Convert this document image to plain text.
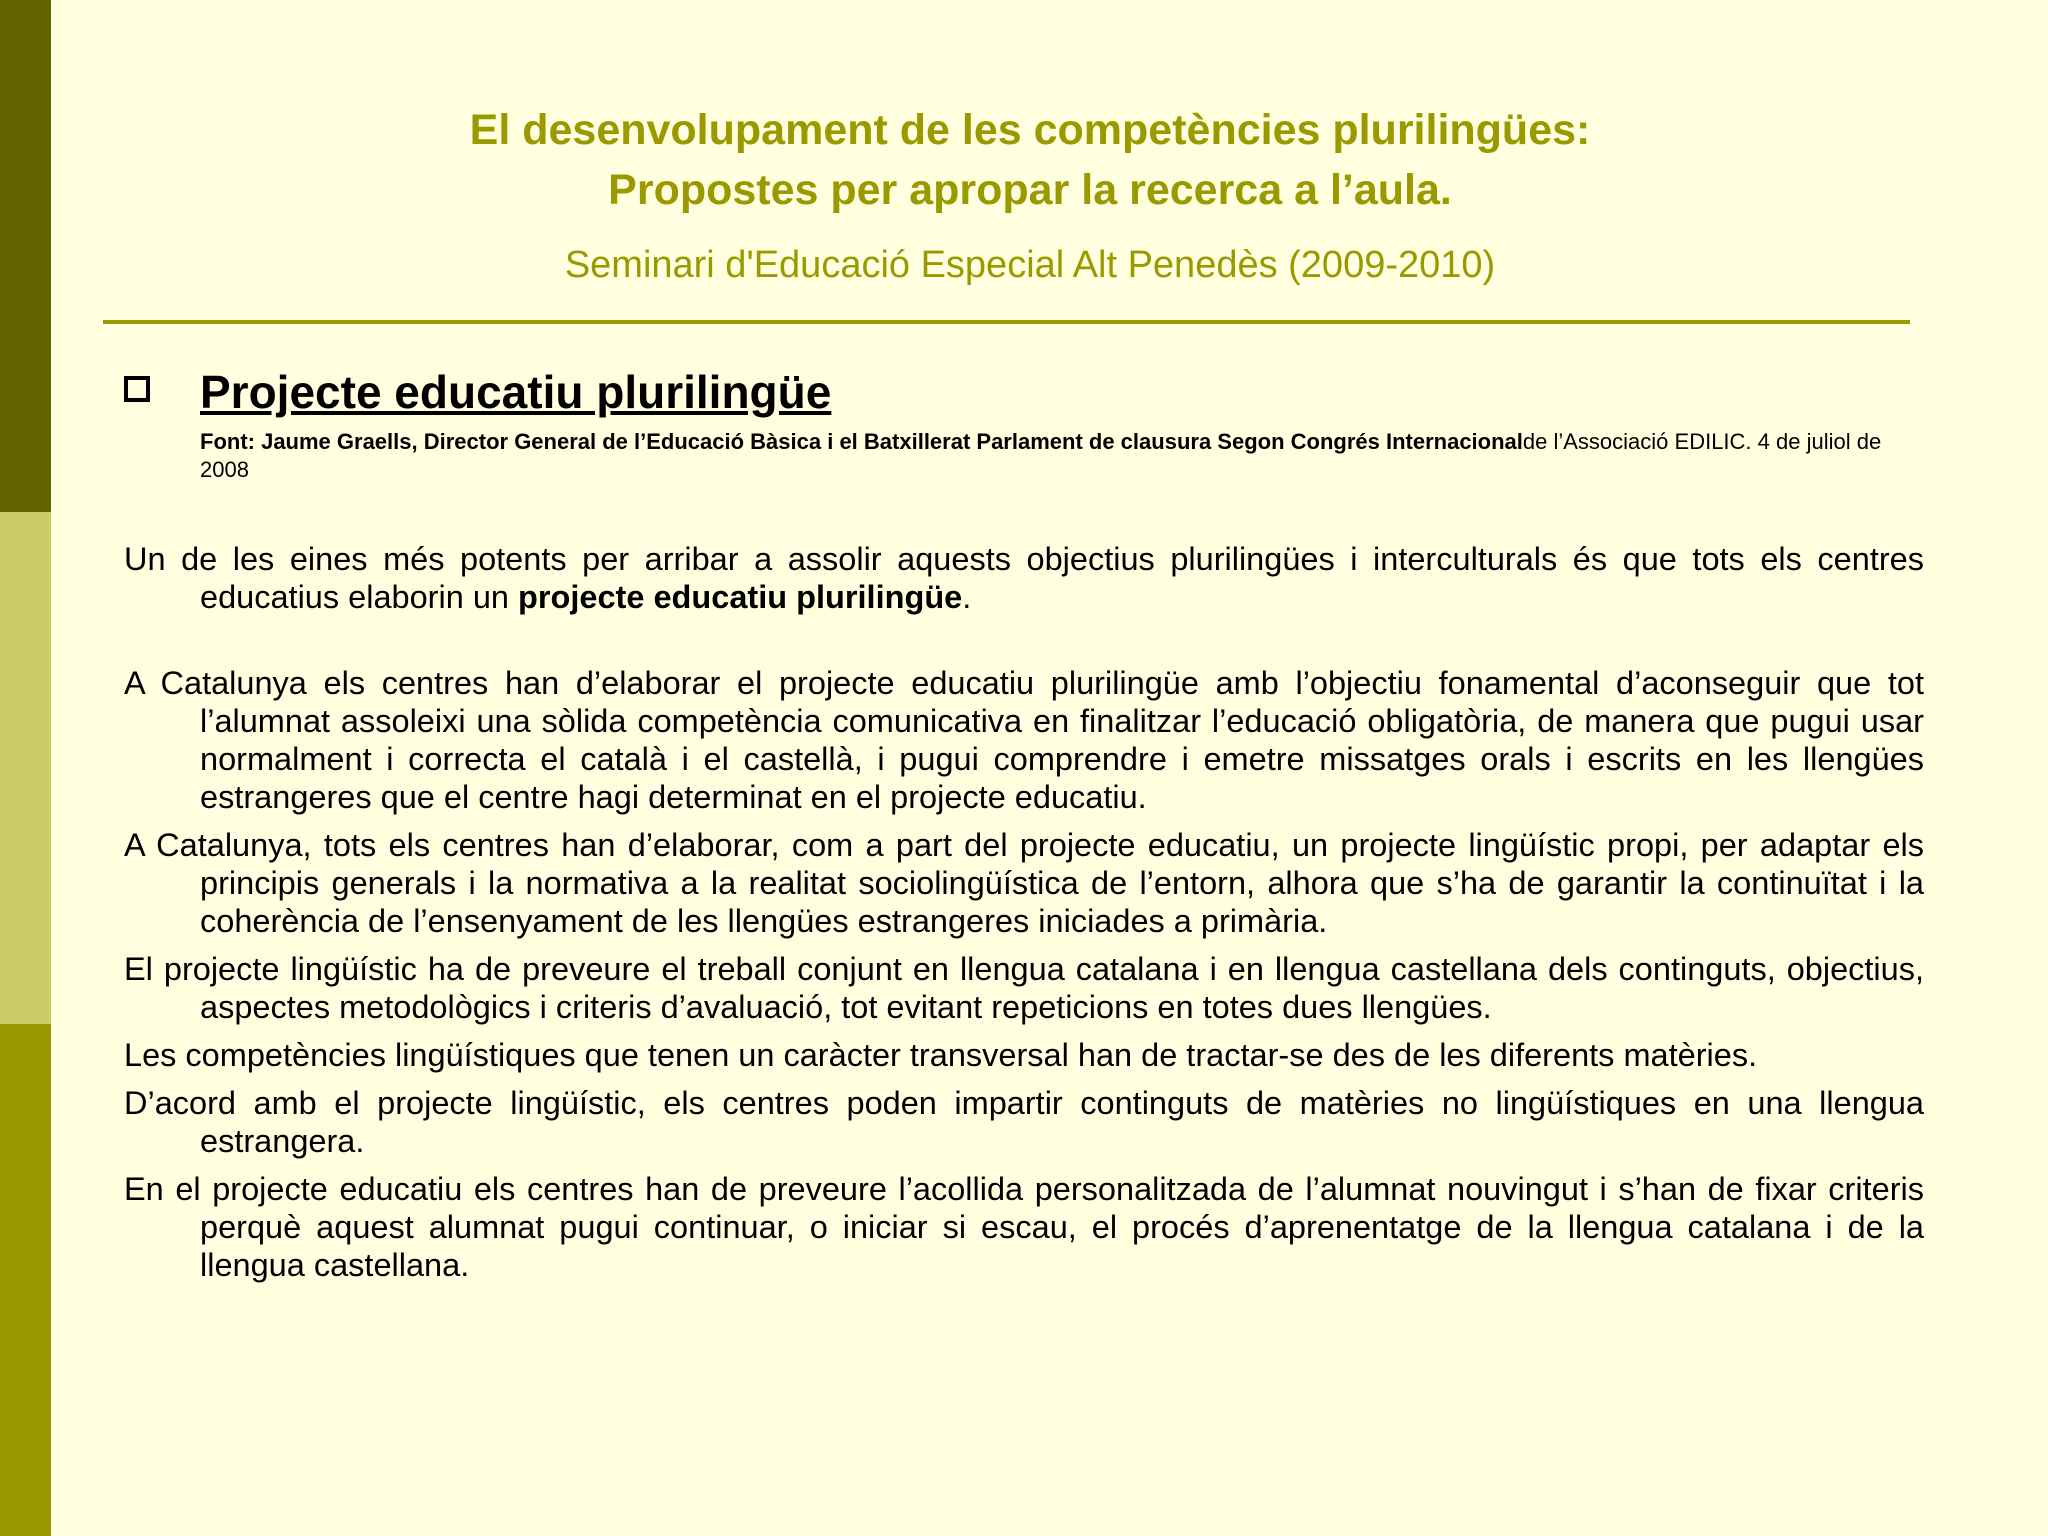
El desenvolupament de les competències plurilingües:
Propostes per apropar la recerca a l’aula.
Seminari d'Educació Especial Alt Penedès (2009-2010)
Projecte educatiu plurilingüe
Font: Jaume Graells, Director General de l’Educació Bàsica i el Batxillerat Parlament de clausura Segon Congrés Internacionalde l’Associació EDILIC. 4 de juliol de 2008

Un de les eines més potents per arribar a assolir aquests objectius plurilingües i interculturals és que tots els centres educatius elaborin un projecte educatiu plurilingüe.

A Catalunya els centres han d’elaborar el projecte educatiu plurilingüe amb l’objectiu fonamental d’aconseguir que tot l’alumnat assoleixi una sòlida competència comunicativa en finalitzar l’educació obligatòria, de manera que pugui usar normalment i correcta el català i el castellà, i pugui comprendre i emetre missatges orals i escrits en les llengües estrangeres que el centre hagi determinat en el projecte educatiu.

A Catalunya, tots els centres han d’elaborar, com a part del projecte educatiu, un projecte lingüístic propi, per adaptar els principis generals i la normativa a la realitat sociolingüística de l’entorn, alhora que s’ha de garantir la continuïtat i la coherència de l’ensenyament de les llengües estrangeres iniciades a primària.

El projecte lingüístic ha de preveure el treball conjunt en llengua catalana i en llengua castellana dels continguts, objectius, aspectes metodològics i criteris d’avaluació, tot evitant repeticions en totes dues llengües.

Les competències lingüístiques que tenen un caràcter transversal han de tractar-se des de les diferents matèries.

D’acord amb el projecte lingüístic, els centres poden impartir continguts de matèries no lingüístiques en una llengua estrangera.

En el projecte educatiu els centres han de preveure l’acollida personalitzada de l’alumnat nouvingut i s’han de fixar criteris perquè aquest alumnat pugui continuar, o iniciar si escau, el procés d’aprenentatge de la llengua catalana i de la llengua castellana.
